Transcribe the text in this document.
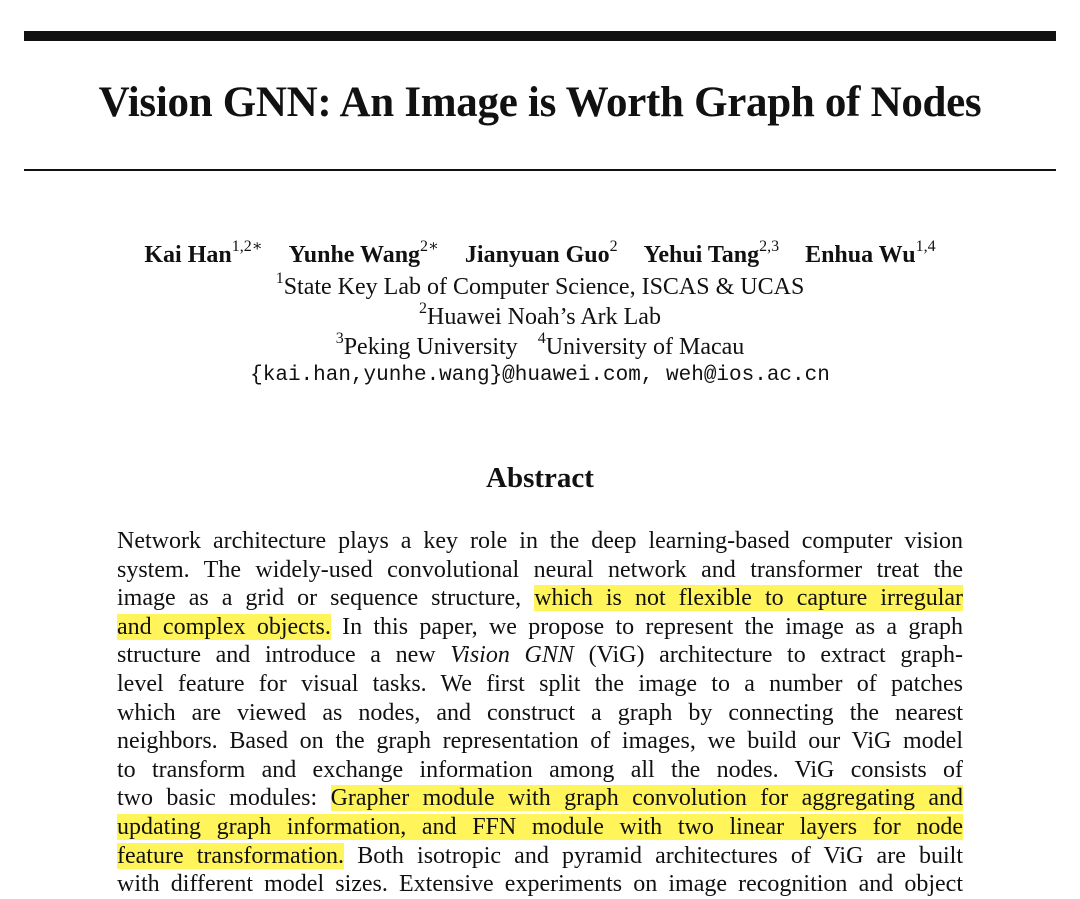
Vision GNN: An Image is Worth Graph of Nodes
Kai Han$^{1,2∗}$ Yunhe Wang$^{2∗}$ Jianyuan Guo$^2$ Yehui Tang$^{2,3}$ Enhua Wu$^{1,4}$
$^1$State Key Lab of Computer Science, ISCAS & UCAS
$^2$Huawei Noah’s Ark Lab
$^3$Peking University $^4$University of Macau
{kai.han,yunhe.wang}@huawei.com, weh@ios.ac.cn
Abstract
Network architecture plays a key role in the deep learning-based computer vision
system. The widely-used convolutional neural network and transformer treat the
image as a grid or sequence structure, which is not flexible to capture irregular
and complex objects. In this paper, we propose to represent the image as a graph
structure and introduce a new Vision GNN (ViG) architecture to extract graph-
level feature for visual tasks. We first split the image to a number of patches
which are viewed as nodes, and construct a graph by connecting the nearest
neighbors. Based on the graph representation of images, we build our ViG model
to transform and exchange information among all the nodes. ViG consists of
two basic modules: Grapher module with graph convolution for aggregating and
updating graph information, and FFN module with two linear layers for node
feature transformation. Both isotropic and pyramid architectures of ViG are built
with different model sizes. Extensive experiments on image recognition and object
